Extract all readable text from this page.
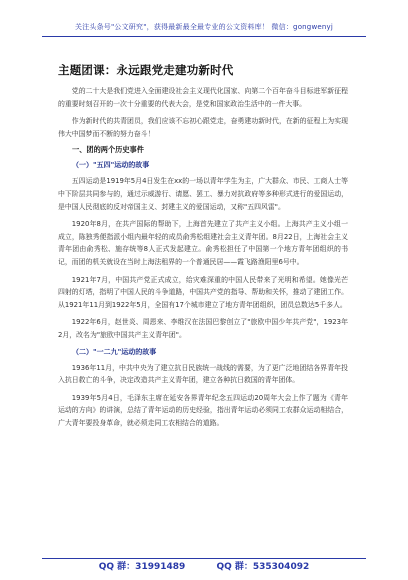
关注头条号"公文研究"，获得最新最全最专业的公文资料库！ 微信：gongwenyj
主题团课：永远跟党走建功新时代

党的二十大是我们党进入全面建设社会主义现代化国家、向第二个百年奋斗目标进军新征程的重要时刻召开的一次十分重要的代表大会，是党和国家政治生活中的一件大事。

作为新时代的共青团员，我们应该不忘初心跟党走，奋勇建功新时代，在新的征程上为实现伟大中国梦而不断的努力奋斗！

一、团的两个历史事件
（一）"五四"运动的故事

五四运动是1919年5月4日发生在xx的一场以青年学生为主，广大群众、市民、工商人士等中下阶层共同参与的，通过示威游行、请愿、罢工、暴力对抗政府等多种形式进行的爱国运动，是中国人民彻底的反对帝国主义、封建主义的爱国运动，又称"五四风雷"。

1920年8月，在共产国际的帮助下，上海首先建立了共产主义小组。上海共产主义小组一成立，陈独秀便指派小组内最年轻的成员俞秀松组建社会主义青年团。8月22日，上海社会主义青年团由俞秀松、施存统等8人正式发起建立。俞秀松担任了中国第一个地方青年团组织的书记，而团的机关就设在当时上海法租界的一个普通民居——霞飞路渔阳里6号中。

1921年7月，中国共产党正式成立，给灾难深重的中国人民带来了光明和希望。她像光芒四射的灯塔，指明了中国人民的斗争道路，中国共产党的指导、帮助和关怀，推动了建团工作。从1921年11月到1922年5月，全国有17个城市建立了地方青年团组织，团员总数达5千多人。

1922年6月，赵世炎、周恩来、李维汉在法国巴黎创立了"旅欧中国少年共产党"，1923年2月，改名为"旅欧中国共产主义青年团"。

（二）"一二九"运动的故事

1936年11月，中共中央为了建立抗日民族统一战线的需要，为了更广泛地团结各界青年投入抗日救亡的斗争，决定改造共产主义青年团，建立各种抗日救国的青年团体。

1939年5月4日，毛泽东主席在延安各界青年纪念五四运动20周年大会上作了题为《青年运动的方向》的讲演，总结了青年运动的历史经验，指出青年运动必须同工农群众运动相结合，广大青年要投身革命，就必须走同工农相结合的道路。

QQ 群：31991489	QQ 群：535304092
